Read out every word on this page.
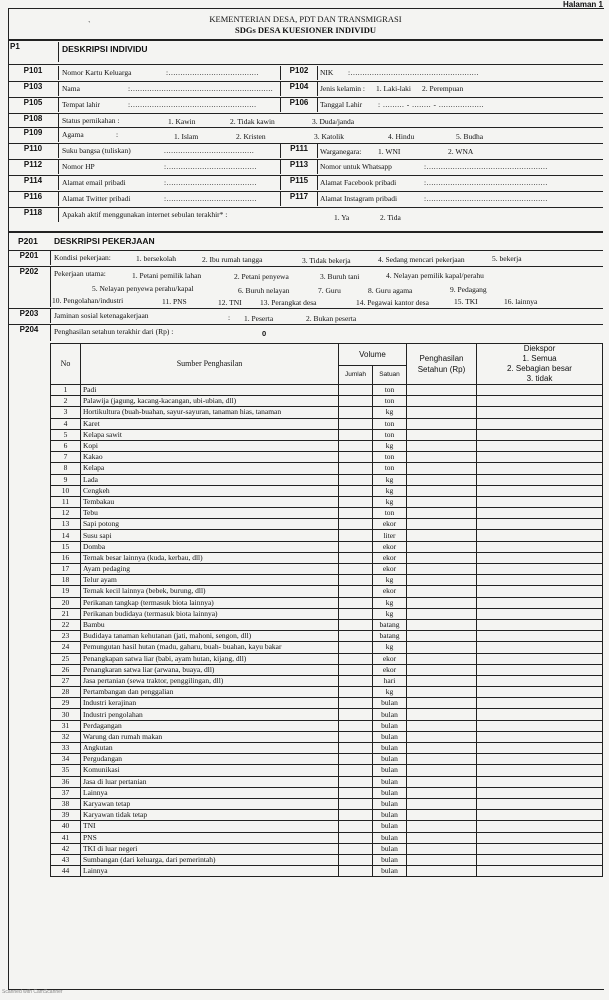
Halaman 1
ˋ
KEMENTERIAN DESA, PDT DAN TRANSMIGRASI
SDGs DESA KUESIONER INDIVIDU
P1	DESKRIPSI INDIVIDU
P101	Nomor Kartu Keluarga	:......................................	P102	NIK :......................................................
P103	Nama	:............................................................	P104	Jenis kelamin : 1. Laki-laki 2. Perempuan
P105	Tempat lahir	:.....................................................	P106	Tanggal Lahir : ......... - ........ - ...................
P108	Status pernikahan :	1. Kawin	2. Tidak kawin	3. Duda/janda
P109	Agama	:	1. Islam	2. Kristen	3. Katolik	4. Hindu	5. Budha
P110	Suku bangsa (tuliskan)	......................................	P111	Warganegara: 1. WNI	2. WNA
P112	Nomor HP	:......................................	P113	Nomor untuk Whatsapp	:...................................................
P114	Alamat email pribadi	:......................................	P115	Alamat Facebook pribadi	:...................................................
P116	Alamat Twitter pribadi	:......................................	P117	Alamat Instagram pribadi	:...................................................
P118	Apakah aktif menggunakan internet sebulan terakhir* :	1. Ya	2. Tida
P201 DESKRIPSI PEKERJAAN
P201	Kondisi pekerjaan:	1. bersekolah	2. Ibu rumah tangga	3. Tidak bekerja	4. Sedang mencari pekerjaan	5. bekerja
P202	Pekerjaan utama:	1. Petani pemilik lahan	2. Petani penyewa	3. Buruh tani	4. Nelayan pemilik kapal/perahu
5. Nelayan penyewa perahu/kapal	6. Buruh nelayan	7. Guru	8. Guru agama	9. Pedagang
10. Pengolahan/industri	11. PNS	12. TNI 13. Perangkat desa	14. Pegawai kantor desa	15. TKI	16. lainnya
P203	Jaminan sosial ketenagakerjaan	: 1. Peserta	2. Bukan peserta
P204	Penghasilan setahun terakhir dari (Rp) :	0
No	Sumber Penghasilan	Volume		Penghasilan Setahun (Rp)	Diekspor
1. Semua
2. Sebagian besar
3. tidak

		Jumlah	Satuan		
1	Padi		ton		
2	Palawija (jagung, kacang-kacangan, ubi-ubian, dll)		ton		
3	Hortikultura (buah-buahan, sayur-sayuran, tanaman hias, tanaman		kg		
4	Karet		ton		
5	Kelapa sawit		ton		
6	Kopi		kg		
7	Kakao		ton		
8	Kelapa		ton		
9	Lada		kg		
10	Cengkeh		kg		
11	Tembakau		kg		
12	Tebu		ton		
13	Sapi potong		ekor		
14	Susu sapi		liter		
15	Domba		ekor		
16	Ternak besar lainnya (kuda, kerbau, dll)		ekor		
17	Ayam pedaging		ekor		
18	Telur ayam		kg		
19	Ternak kecil lainnya (bebek, burung, dll)		ekor		
20	Perikanan tangkap (termasuk biota lainnya)		kg		
21	Perikanan budidaya (termasuk biota lainnya)		kg		
22	Bambu		batang		
23	Budidaya tanaman kehutanan (jati, mahoni, sengon, dll)		batang		
24	Pemungutan hasil hutan (madu, gaharu, buah- buahan, kayu bakar		kg		
25	Penangkapan satwa liar (babi, ayam hutan, kijang, dll)		ekor		
26	Penangkaran satwa liar (arwana, buaya, dll)		ekor		
27	Jasa pertanian (sewa traktor, penggilingan, dll)		hari		
28	Pertambangan dan penggalian		kg		
29	Industri kerajinan		bulan		
30	Industri pengolahan		bulan		
31	Perdagangan		bulan		
32	Warung dan rumah makan		bulan		
33	Angkutan		bulan		
34	Pergudangan		bulan		
35	Komunikasi		bulan		
36	Jasa di luar pertanian		bulan		
37	Lainnya		bulan		
38	Karyawan tetap		bulan		
39	Karyawan tidak tetap		bulan		
40	TNI		bulan		
41	PNS		bulan		
42	TKI di luar negeri		bulan		
43	Sumbangan (dari keluarga, dari pemerintah)		bulan		
44	Lainnya		bulan		
Scanned with CamScanner
